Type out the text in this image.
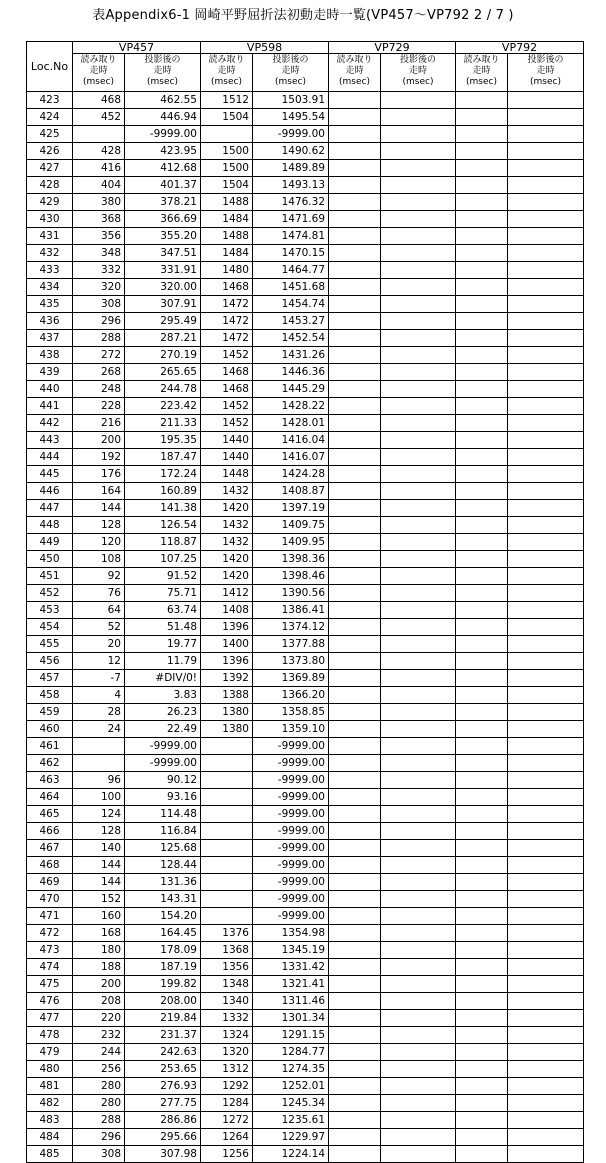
表Appendix6-1 岡崎平野屈折法初動走時一覧(VP457〜VP792 2 / 7 )
Loc.No	VP457		VP598		VP729		VP792	

	読み取り
走時
(msec)	投影後の
走時
(msec)	読み取り
走時
(msec)	投影後の
走時
(msec)	読み取り
走時
(msec)	投影後の
走時
(msec)	読み取り
走時
(msec)	投影後の
走時
(msec)

423	468	462.55	1512	1503.91				
424	452	446.94	1504	1495.54				
425		-9999.00		-9999.00				
426	428	423.95	1500	1490.62				
427	416	412.68	1500	1489.89				
428	404	401.37	1504	1493.13				
429	380	378.21	1488	1476.32				
430	368	366.69	1484	1471.69				
431	356	355.20	1488	1474.81				
432	348	347.51	1484	1470.15				
433	332	331.91	1480	1464.77				
434	320	320.00	1468	1451.68				
435	308	307.91	1472	1454.74				
436	296	295.49	1472	1453.27				
437	288	287.21	1472	1452.54				
438	272	270.19	1452	1431.26				
439	268	265.65	1468	1446.36				
440	248	244.78	1468	1445.29				
441	228	223.42	1452	1428.22				
442	216	211.33	1452	1428.01				
443	200	195.35	1440	1416.04				
444	192	187.47	1440	1416.07				
445	176	172.24	1448	1424.28				
446	164	160.89	1432	1408.87				
447	144	141.38	1420	1397.19				
448	128	126.54	1432	1409.75				
449	120	118.87	1432	1409.95				
450	108	107.25	1420	1398.36				
451	92	91.52	1420	1398.46				
452	76	75.71	1412	1390.56				
453	64	63.74	1408	1386.41				
454	52	51.48	1396	1374.12				
455	20	19.77	1400	1377.88				
456	12	11.79	1396	1373.80				
457	-7	#DIV/0!	1392	1369.89				
458	4	3.83	1388	1366.20				
459	28	26.23	1380	1358.85				
460	24	22.49	1380	1359.10				
461		-9999.00		-9999.00				
462		-9999.00		-9999.00				
463	96	90.12		-9999.00				
464	100	93.16		-9999.00				
465	124	114.48		-9999.00				
466	128	116.84		-9999.00				
467	140	125.68		-9999.00				
468	144	128.44		-9999.00				
469	144	131.36		-9999.00				
470	152	143.31		-9999.00				
471	160	154.20		-9999.00				
472	168	164.45	1376	1354.98				
473	180	178.09	1368	1345.19				
474	188	187.19	1356	1331.42				
475	200	199.82	1348	1321.41				
476	208	208.00	1340	1311.46				
477	220	219.84	1332	1301.34				
478	232	231.37	1324	1291.15				
479	244	242.63	1320	1284.77				
480	256	253.65	1312	1274.35				
481	280	276.93	1292	1252.01				
482	280	277.75	1284	1245.34				
483	288	286.86	1272	1235.61				
484	296	295.66	1264	1229.97				
485	308	307.98	1256	1224.14				
